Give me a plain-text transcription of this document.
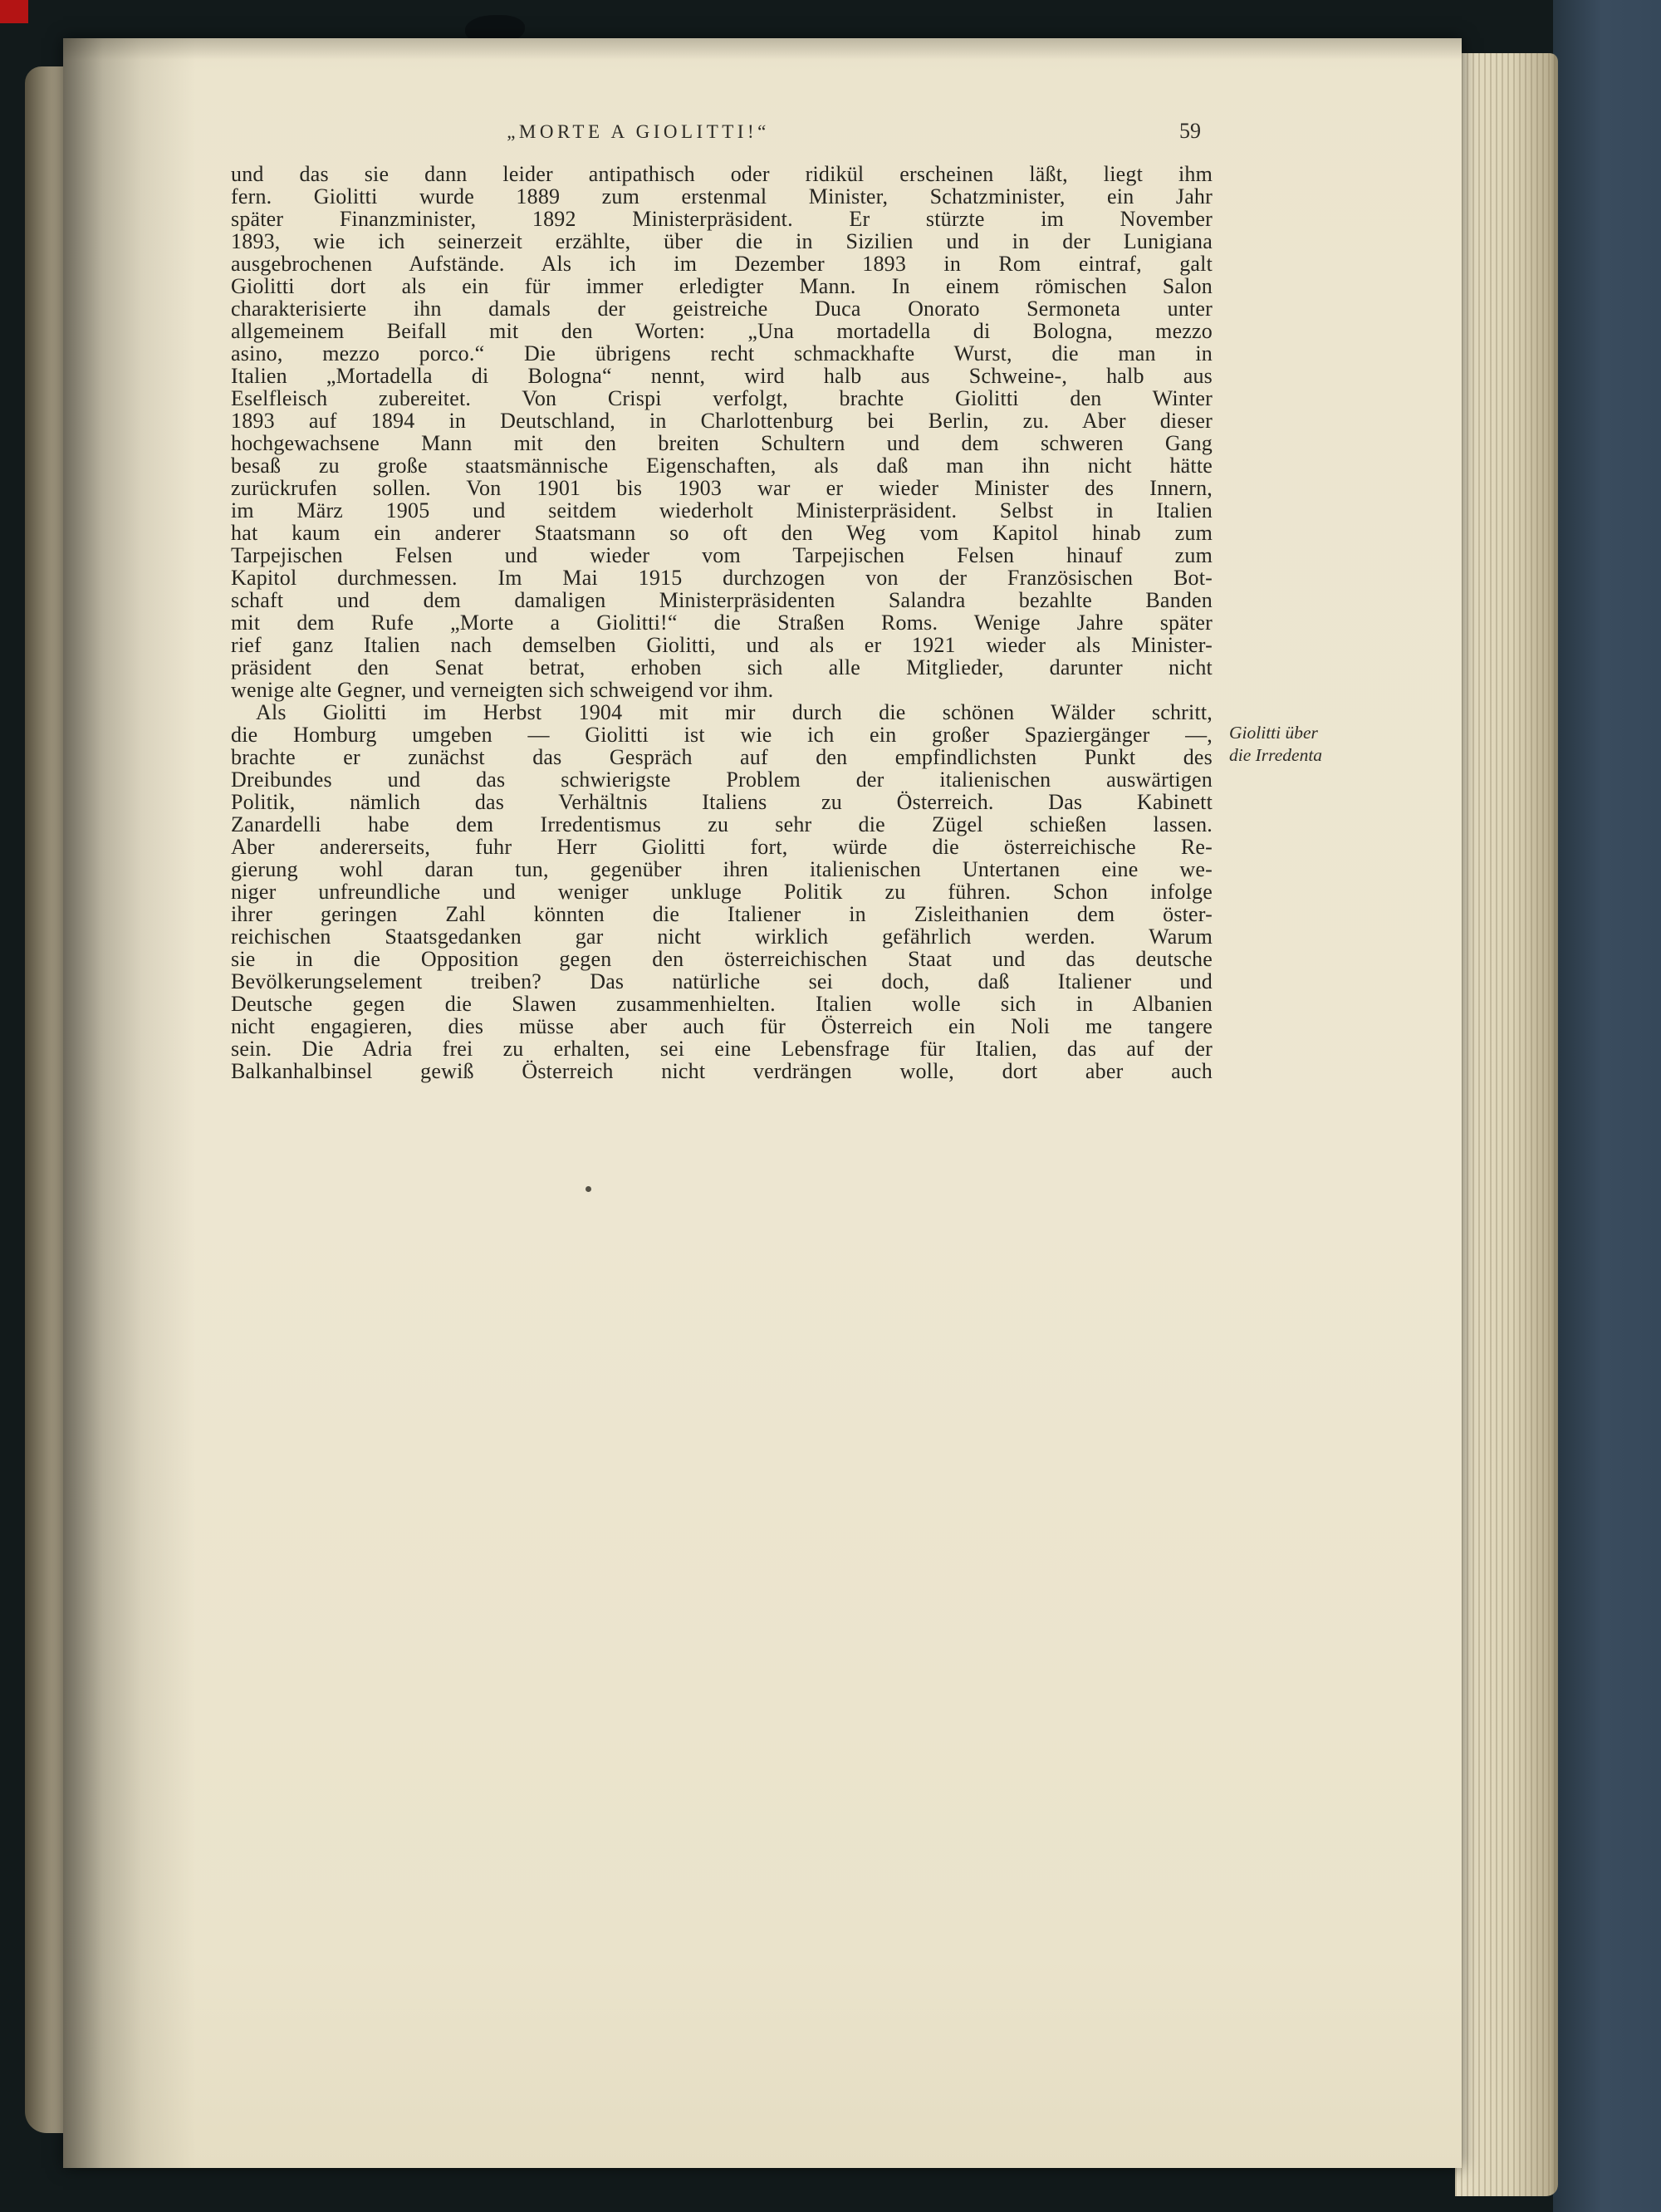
„MORTE A GIOLITTI!“	59
und das sie dann leider antipathisch oder ridikül erscheinen läßt, liegt ihm
fern. Giolitti wurde 1889 zum erstenmal Minister, Schatzminister, ein Jahr
später Finanzminister, 1892 Ministerpräsident. Er stürzte im November
1893, wie ich seinerzeit erzählte, über die in Sizilien und in der Lunigiana
ausgebrochenen Aufstände. Als ich im Dezember 1893 in Rom eintraf, galt
Giolitti dort als ein für immer erledigter Mann. In einem römischen Salon
charakterisierte ihn damals der geistreiche Duca Onorato Sermoneta unter
allgemeinem Beifall mit den Worten: „Una mortadella di Bologna, mezzo
asino, mezzo porco.“ Die übrigens recht schmackhafte Wurst, die man in
Italien „Mortadella di Bologna“ nennt, wird halb aus Schweine-, halb aus
Eselfleisch zubereitet. Von Crispi verfolgt, brachte Giolitti den Winter
1893 auf 1894 in Deutschland, in Charlottenburg bei Berlin, zu. Aber dieser
hochgewachsene Mann mit den breiten Schultern und dem schweren Gang
besaß zu große staatsmännische Eigenschaften, als daß man ihn nicht hätte
zurückrufen sollen. Von 1901 bis 1903 war er wieder Minister des Innern,
im März 1905 und seitdem wiederholt Ministerpräsident. Selbst in Italien
hat kaum ein anderer Staatsmann so oft den Weg vom Kapitol hinab zum
Tarpejischen Felsen und wieder vom Tarpejischen Felsen hinauf zum
Kapitol durchmessen. Im Mai 1915 durchzogen von der Französischen Bot-
schaft und dem damaligen Ministerpräsidenten Salandra bezahlte Banden
mit dem Rufe „Morte a Giolitti!“ die Straßen Roms. Wenige Jahre später
rief ganz Italien nach demselben Giolitti, und als er 1921 wieder als Minister-
präsident den Senat betrat, erhoben sich alle Mitglieder, darunter nicht
wenige alte Gegner, und verneigten sich schweigend vor ihm.
Als Giolitti im Herbst 1904 mit mir durch die schönen Wälder schritt,
die Homburg umgeben — Giolitti ist wie ich ein großer Spaziergänger —,
brachte er zunächst das Gespräch auf den empfindlichsten Punkt des
Dreibundes und das schwierigste Problem der italienischen auswärtigen
Politik, nämlich das Verhältnis Italiens zu Österreich. Das Kabinett
Zanardelli habe dem Irredentismus zu sehr die Zügel schießen lassen.
Aber andererseits, fuhr Herr Giolitti fort, würde die österreichische Re-
gierung wohl daran tun, gegenüber ihren italienischen Untertanen eine we-
niger unfreundliche und weniger unkluge Politik zu führen. Schon infolge
ihrer geringen Zahl könnten die Italiener in Zisleithanien dem öster-
reichischen Staatsgedanken gar nicht wirklich gefährlich werden. Warum
sie in die Opposition gegen den österreichischen Staat und das deutsche
Bevölkerungselement treiben? Das natürliche sei doch, daß Italiener und
Deutsche gegen die Slawen zusammenhielten. Italien wolle sich in Albanien
nicht engagieren, dies müsse aber auch für Österreich ein Noli me tangere
sein. Die Adria frei zu erhalten, sei eine Lebensfrage für Italien, das auf der
Balkanhalbinsel gewiß Österreich nicht verdrängen wolle, dort aber auch
Giolitti über
die Irredenta
